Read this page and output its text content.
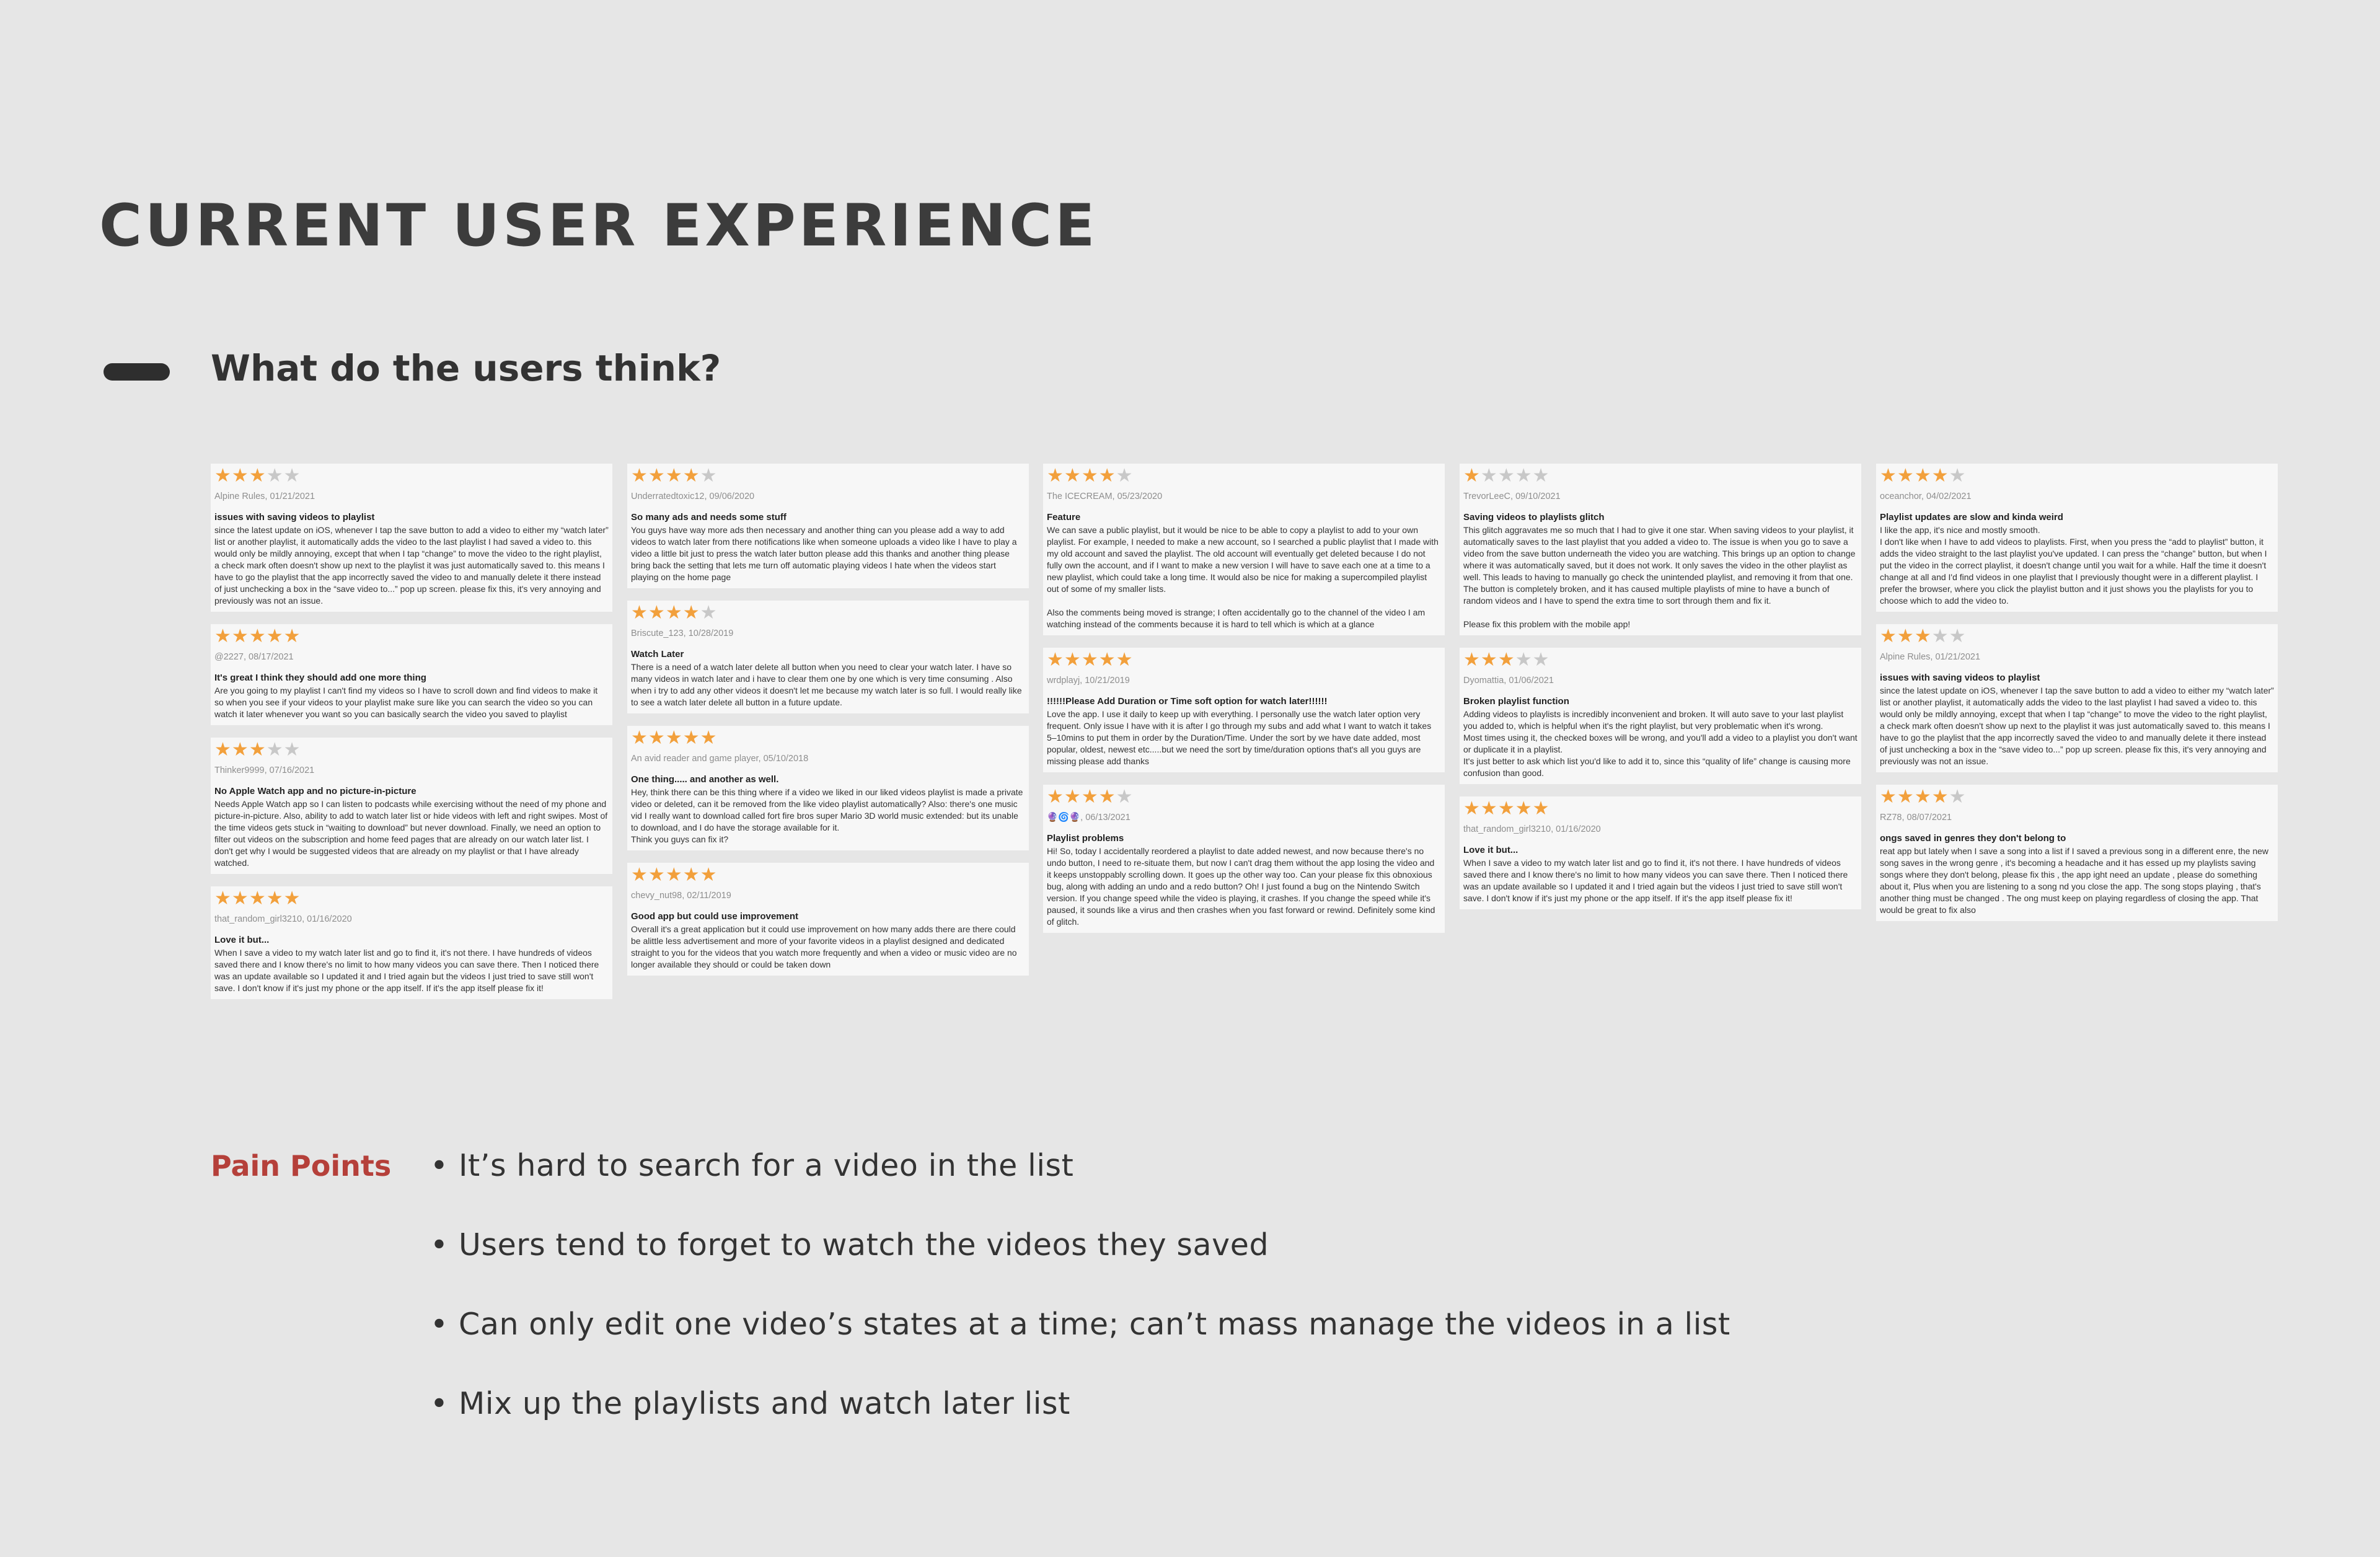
CURRENT USER EXPERIENCE
What do the users think?
★★★★★
Alpine Rules, 01/21/2021
issues with saving videos to playlist
since the latest update on iOS, whenever I tap the save button to add a video to either my “watch later” list or another playlist, it automatically adds the video to the last playlist I had saved a video to. this would only be mildly annoying, except that when I tap “change” to move the video to the right playlist, a check mark often doesn't show up next to the playlist it was just automatically saved to. this means I have to go the playlist that the app incorrectly saved the video to and manually delete it there instead of just unchecking a box in the “save video to...” pop up screen. please fix this, it's very annoying and previously was not an issue.
★★★★★
@2227, 08/17/2021
It's great I think they should add one more thing
Are you going to my playlist I can't find my videos so I have to scroll down and find videos to make it so when you see if your videos to your playlist make sure like you can search the video so you can watch it later whenever you want so you can basically search the video you saved to playlist
★★★★★
Thinker9999, 07/16/2021
No Apple Watch app and no picture-in-picture
Needs Apple Watch app so I can listen to podcasts while exercising without the need of my phone and picture-in-picture. Also, ability to add to watch later list or hide videos with left and right swipes. Most of the time videos gets stuck in “waiting to download” but never download. Finally, we need an option to filter out videos on the subscription and home feed pages that are already on our watch later list. I don't get why I would be suggested videos that are already on my playlist or that I have already watched.
★★★★★
that_random_girl3210, 01/16/2020
Love it but...
When I save a video to my watch later list and go to find it, it's not there. I have hundreds of videos saved there and I know there's no limit to how many videos you can save there. Then I noticed there was an update available so I updated it and I tried again but the videos I just tried to save still won't save. I don't know if it's just my phone or the app itself. If it's the app itself please fix it!
★★★★★
Underratedtoxic12, 09/06/2020
So many ads and needs some stuff
You guys have way more ads then necessary and another thing can you please add a way to add videos to watch later from there notifications like when someone uploads a video like I have to play a video a little bit just to press the watch later button please add this thanks and another thing please bring back the setting that lets me turn off automatic playing videos I hate when the videos start playing on the home page
★★★★★
Briscute_123, 10/28/2019
Watch Later
There is a need of a watch later delete all button when you need to clear your watch later. I have so many videos in watch later and i have to clear them one by one which is very time consuming . Also when i try to add any other videos it doesn't let me because my watch later is so full. I would really like to see a watch later delete all button in a future update.
★★★★★
An avid reader and game player, 05/10/2018
One thing..... and another as well.
Hey, think there can be this thing where if a video we liked in our liked videos playlist is made a private video or deleted, can it be removed from the like video playlist automatically? Also: there's one music vid I really want to download called fort fire bros super Mario 3D world music extended: but its unable to download, and I do have the storage available for it.
Think you guys can fix it?
★★★★★
chevy_nut98, 02/11/2019
Good app but could use improvement
Overall it's a great application but it could use improvement on how many adds there are there could be alittle less advertisement and more of your favorite videos in a playlist designed and dedicated straight to you for the videos that you watch more frequently and when a video or music video are no longer available they should or could be taken down
★★★★★
The ICECREAM, 05/23/2020
Feature
We can save a public playlist, but it would be nice to be able to copy a playlist to add to your own playlist. For example, I needed to make a new account, so I searched a public playlist that I made with my old account and saved the playlist. The old account will eventually get deleted because I do not fully own the account, and if I want to make a new version I will have to save each one at a time to a new playlist, which could take a long time. It would also be nice for making a supercompiled playlist out of some of my smaller lists.

Also the comments being moved is strange; I often accidentally go to the channel of the video I am watching instead of the comments because it is hard to tell which is which at a glance
★★★★★
wrdplayj, 10/21/2019
!!!!!!Please Add Duration or Time soft option for watch later!!!!!!
Love the app. I use it daily to keep up with everything. I personally use the watch later option very frequent. Only issue I have with it is after I go through my subs and add what I want to watch it takes 5–10mins to put them in order by the Duration/Time. Under the sort by we have date added, most popular, oldest, newest etc.....but we need the sort by time/duration options that's all you guys are missing please add thanks
★★★★★
🔮🌀🔮, 06/13/2021
Playlist problems
Hi! So, today I accidentally reordered a playlist to date added newest, and now because there's no undo button, I need to re-situate them, but now I can't drag them without the app losing the video and it keeps unstoppably scrolling down. It goes up the other way too. Can your please fix this obnoxious bug, along with adding an undo and a redo button? Oh! I just found a bug on the Nintendo Switch version. If you change speed while the video is playing, it crashes. If you change the speed while it's paused, it sounds like a virus and then crashes when you fast forward or rewind. Definitely some kind of glitch.
★★★★★
TrevorLeeC, 09/10/2021
Saving videos to playlists glitch
This glitch aggravates me so much that I had to give it one star. When saving videos to your playlist, it automatically saves to the last playlist that you added a video to. The issue is when you go to save a video from the save button underneath the video you are watching. This brings up an option to change where it was automatically saved, but it does not work. It only saves the video in the other playlist as well. This leads to having to manually go check the unintended playlist, and removing it from that one. The button is completely broken, and it has caused multiple playlists of mine to have a bunch of random videos and I have to spend the extra time to sort through them and fix it.

Please fix this problem with the mobile app!
★★★★★
Dyomattia, 01/06/2021
Broken playlist function
Adding videos to playlists is incredibly inconvenient and broken. It will auto save to your last playlist you added to, which is helpful when it's the right playlist, but very problematic when it's wrong.
Most times using it, the checked boxes will be wrong, and you'll add a video to a playlist you don't want or duplicate it in a playlist.
It's just better to ask which list you'd like to add it to, since this “quality of life” change is causing more confusion than good.
★★★★★
that_random_girl3210, 01/16/2020
Love it but...
When I save a video to my watch later list and go to find it, it's not there. I have hundreds of videos saved there and I know there's no limit to how many videos you can save there. Then I noticed there was an update available so I updated it and I tried again but the videos I just tried to save still won't save. I don't know if it's just my phone or the app itself. If it's the app itself please fix it!
★★★★★
oceanchor, 04/02/2021
Playlist updates are slow and kinda weird
I like the app, it's nice and mostly smooth.
I don't like when I have to add videos to playlists. First, when you press the “add to playlist” button, it adds the video straight to the last playlist you've updated. I can press the “change” button, but when I put the video in the correct playlist, it doesn't change until you wait for a while. Half the time it doesn't change at all and I'd find videos in one playlist that I previously thought were in a different playlist. I prefer the browser, where you click the playlist button and it just shows you the playlists for you to choose which to add the video to.
★★★★★
Alpine Rules, 01/21/2021
issues with saving videos to playlist
since the latest update on iOS, whenever I tap the save button to add a video to either my “watch later” list or another playlist, it automatically adds the video to the last playlist I had saved a video to. this would only be mildly annoying, except that when I tap “change” to move the video to the right playlist, a check mark often doesn't show up next to the playlist it was just automatically saved to. this means I have to go the playlist that the app incorrectly saved the video to and manually delete it there instead of just unchecking a box in the “save video to...” pop up screen. please fix this, it's very annoying and previously was not an issue.
★★★★★
RZ78, 08/07/2021
ongs saved in genres they don't belong to
reat app but lately when I save a song into a list if I saved a previous song in a different enre, the new song saves in the wrong genre , it's becoming a headache and it has essed up my playlists saving songs where they don't belong, please fix this , the app ight need an update , please do something about it, Plus when you are listening to a song nd you close the app. The song stops playing , that's another thing must be changed . The ong must keep on playing regardless of closing the app. That would be great to fix also
Pain Points • It’s hard to search for a video in the list
• Users tend to forget to watch the videos they saved
• Can only edit one video’s states at a time; can’t mass manage the videos in a list
• Mix up the playlists and watch later list
